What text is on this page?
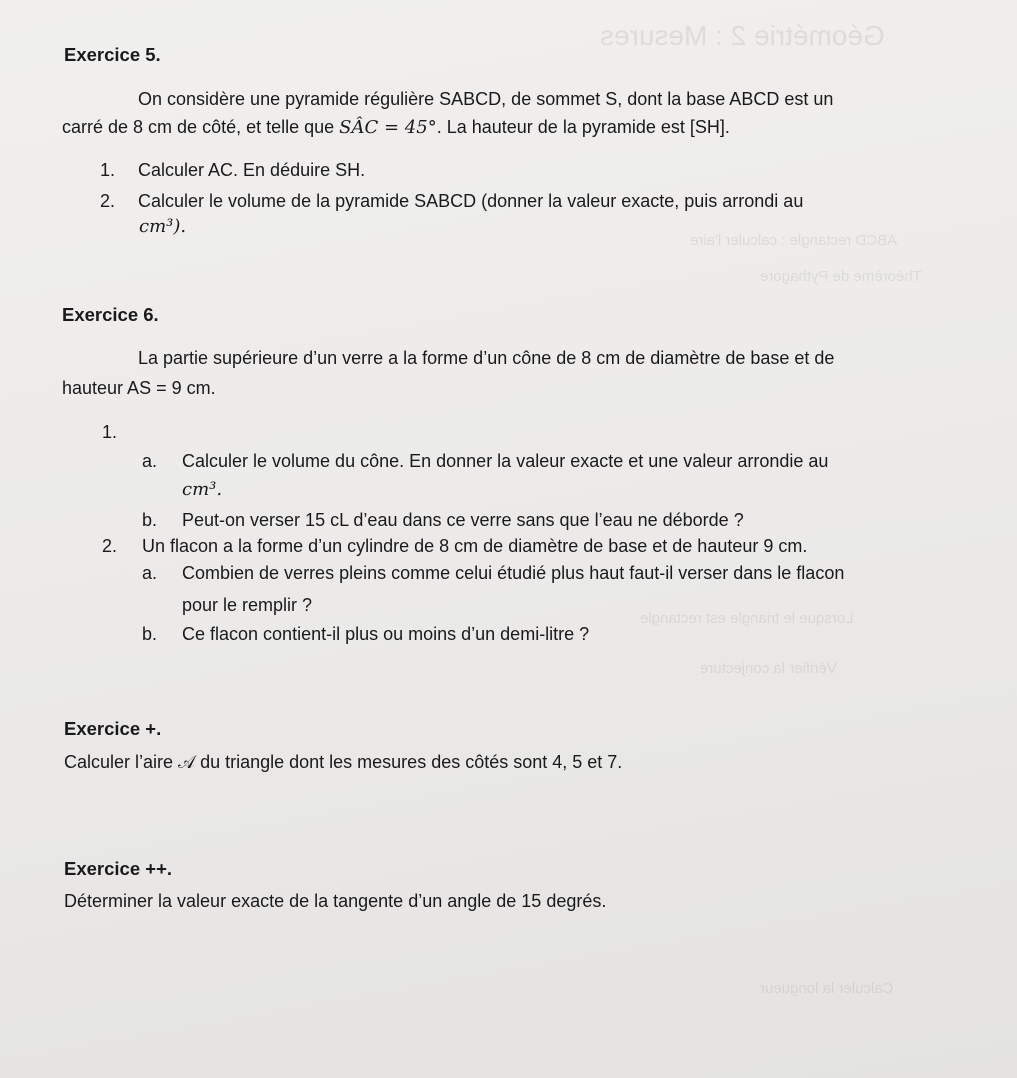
Géométrie 2 : Mesures
ABCD rectangle : calculer l'aire
Théorème de Pythagore
Lorsque le triangle est rectangle
Vérifier la conjecture
Calculer la longueur
Exercice 5.
On considère une pyramide régulière SABCD, de sommet S, dont la base ABCD est un
carré de 8 cm de côté, et telle que SÂC = 45°. La hauteur de la pyramide est [SH].
1. Calculer AC. En déduire SH.
2. Calculer le volume de la pyramide SABCD (donner la valeur exacte, puis arrondi au
cm³).
Exercice 6.
La partie supérieure d’un verre a la forme d’un cône de 8 cm de diamètre de base et de
hauteur AS = 9 cm.
1.
a. Calculer le volume du cône. En donner la valeur exacte et une valeur arrondie au
cm³.
b. Peut-on verser 15 cL d’eau dans ce verre sans que l’eau ne déborde ?
2. Un flacon a la forme d’un cylindre de 8 cm de diamètre de base et de hauteur 9 cm.
a. Combien de verres pleins comme celui étudié plus haut faut-il verser dans le flacon
pour le remplir ?
b. Ce flacon contient-il plus ou moins d’un demi-litre ?
Exercice +.
Calculer l’aire 𝒜 du triangle dont les mesures des côtés sont 4, 5 et 7.
Exercice ++.
Déterminer la valeur exacte de la tangente d’un angle de 15 degrés.
